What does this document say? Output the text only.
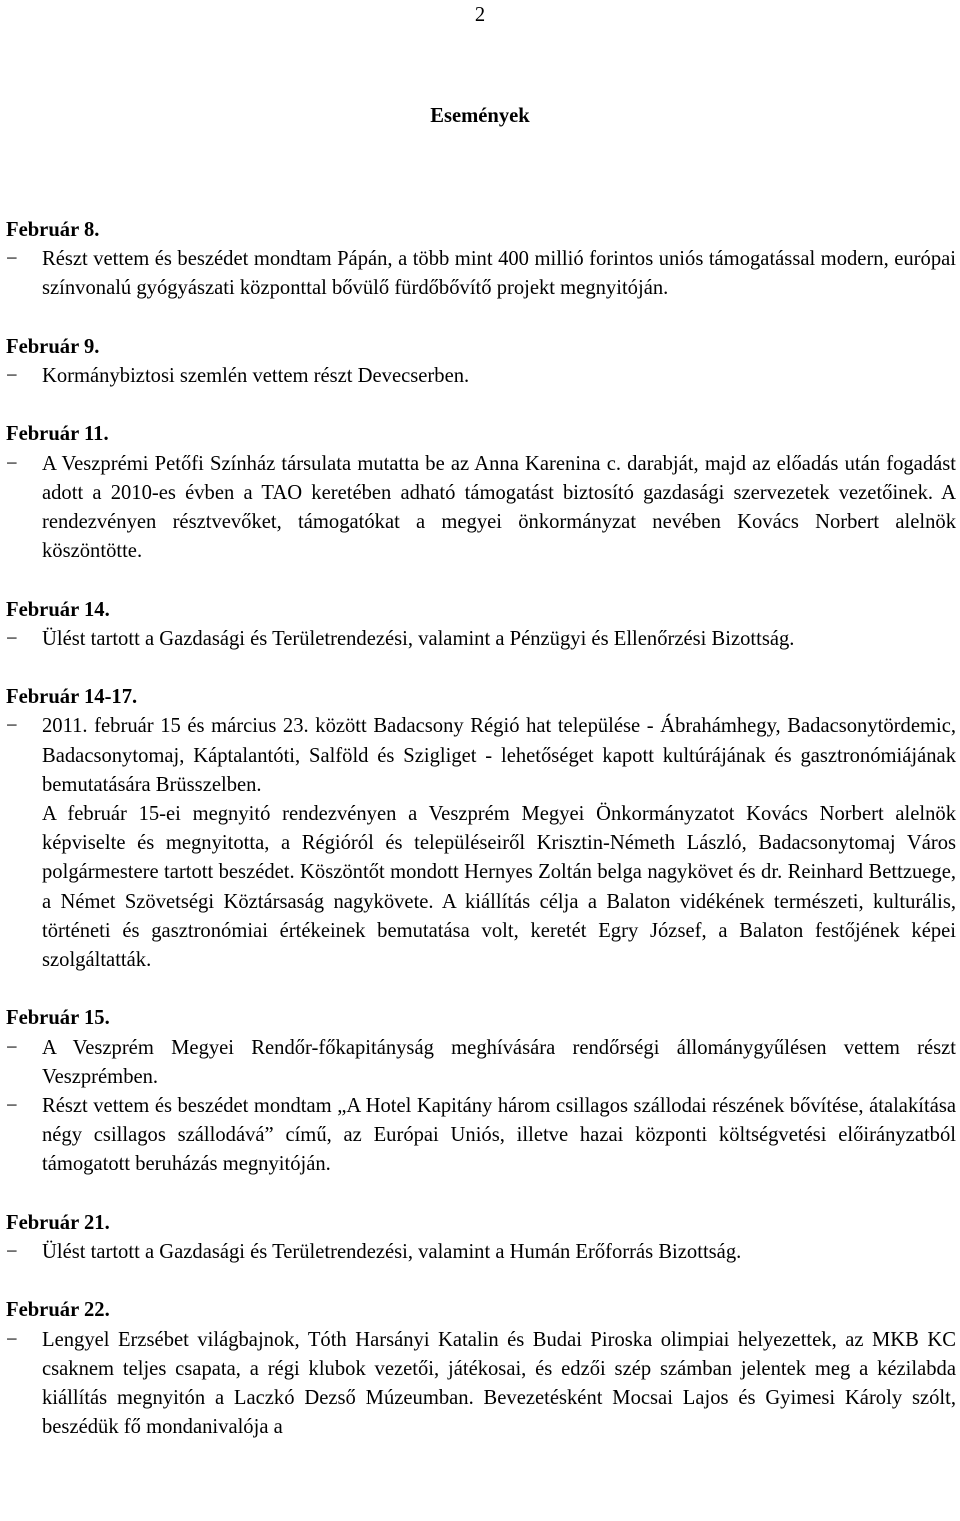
2
Események

Február 8.

−	Részt vettem és beszédet mondtam Pápán, a több mint 400 millió forintos uniós támogatással modern, európai színvonalú gyógyászati központtal bővülő fürdőbővítő projekt megnyitóján.

Február 9.

−	Kormánybiztosi szemlén vettem részt Devecserben.

Február 11.

−	A Veszprémi Petőfi Színház társulata mutatta be az Anna Karenina c. darabját, majd az előadás után fogadást adott a 2010-es évben a TAO keretében adható támogatást biztosító gazdasági szervezetek vezetőinek. A rendezvényen résztvevőket, támogatókat a megyei önkormányzat nevében Kovács Norbert alelnök köszöntötte.

Február 14.

−	Ülést tartott a Gazdasági és Területrendezési, valamint a Pénzügyi és Ellenőrzési Bizottság.

Február 14-17.

−	2011. február 15 és március 23. között Badacsony Régió hat települése - Ábrahámhegy, Badacsonytördemic, Badacsonytomaj, Káptalantóti, Salföld és Szigliget - lehetőséget kapott kultúrájának és gasztronómiájának bemutatására Brüsszelben.
A február 15-ei megnyitó rendezvényen a Veszprém Megyei Önkormányzatot Kovács Norbert alelnök képviselte és megnyitotta, a Régióról és településeiről Krisztin-Németh László, Badacsonytomaj Város polgármestere tartott beszédet. Köszöntőt mondott Hernyes Zoltán belga nagykövet és dr. Reinhard Bettzuege, a Német Szövetségi Köztársaság nagykövete. A kiállítás célja a Balaton vidékének természeti, kulturális, történeti és gasztronómiai értékeinek bemutatása volt, keretét Egry József, a Balaton festőjének képei szolgáltatták.

Február 15.

−	A Veszprém Megyei Rendőr-főkapitányság meghívására rendőrségi állománygyűlésen vettem részt Veszprémben.
−	Részt vettem és beszédet mondtam „A Hotel Kapitány három csillagos szállodai részének bővítése, átalakítása négy csillagos szállodává” című, az Európai Uniós, illetve hazai központi költségvetési előirányzatból támogatott beruházás megnyitóján.

Február 21.

−	Ülést tartott a Gazdasági és Területrendezési, valamint a Humán Erőforrás Bizottság.

Február 22.

−	Lengyel Erzsébet világbajnok, Tóth Harsányi Katalin és Budai Piroska olimpiai helyezettek, az MKB KC csaknem teljes csapata, a régi klubok vezetői, játékosai, és edzői szép számban jelentek meg a kézilabda kiállítás megnyitón a Laczkó Dezső Múzeumban. Bevezetésként Mocsai Lajos és Gyimesi Károly szólt, beszédük fő mondanivalója a
